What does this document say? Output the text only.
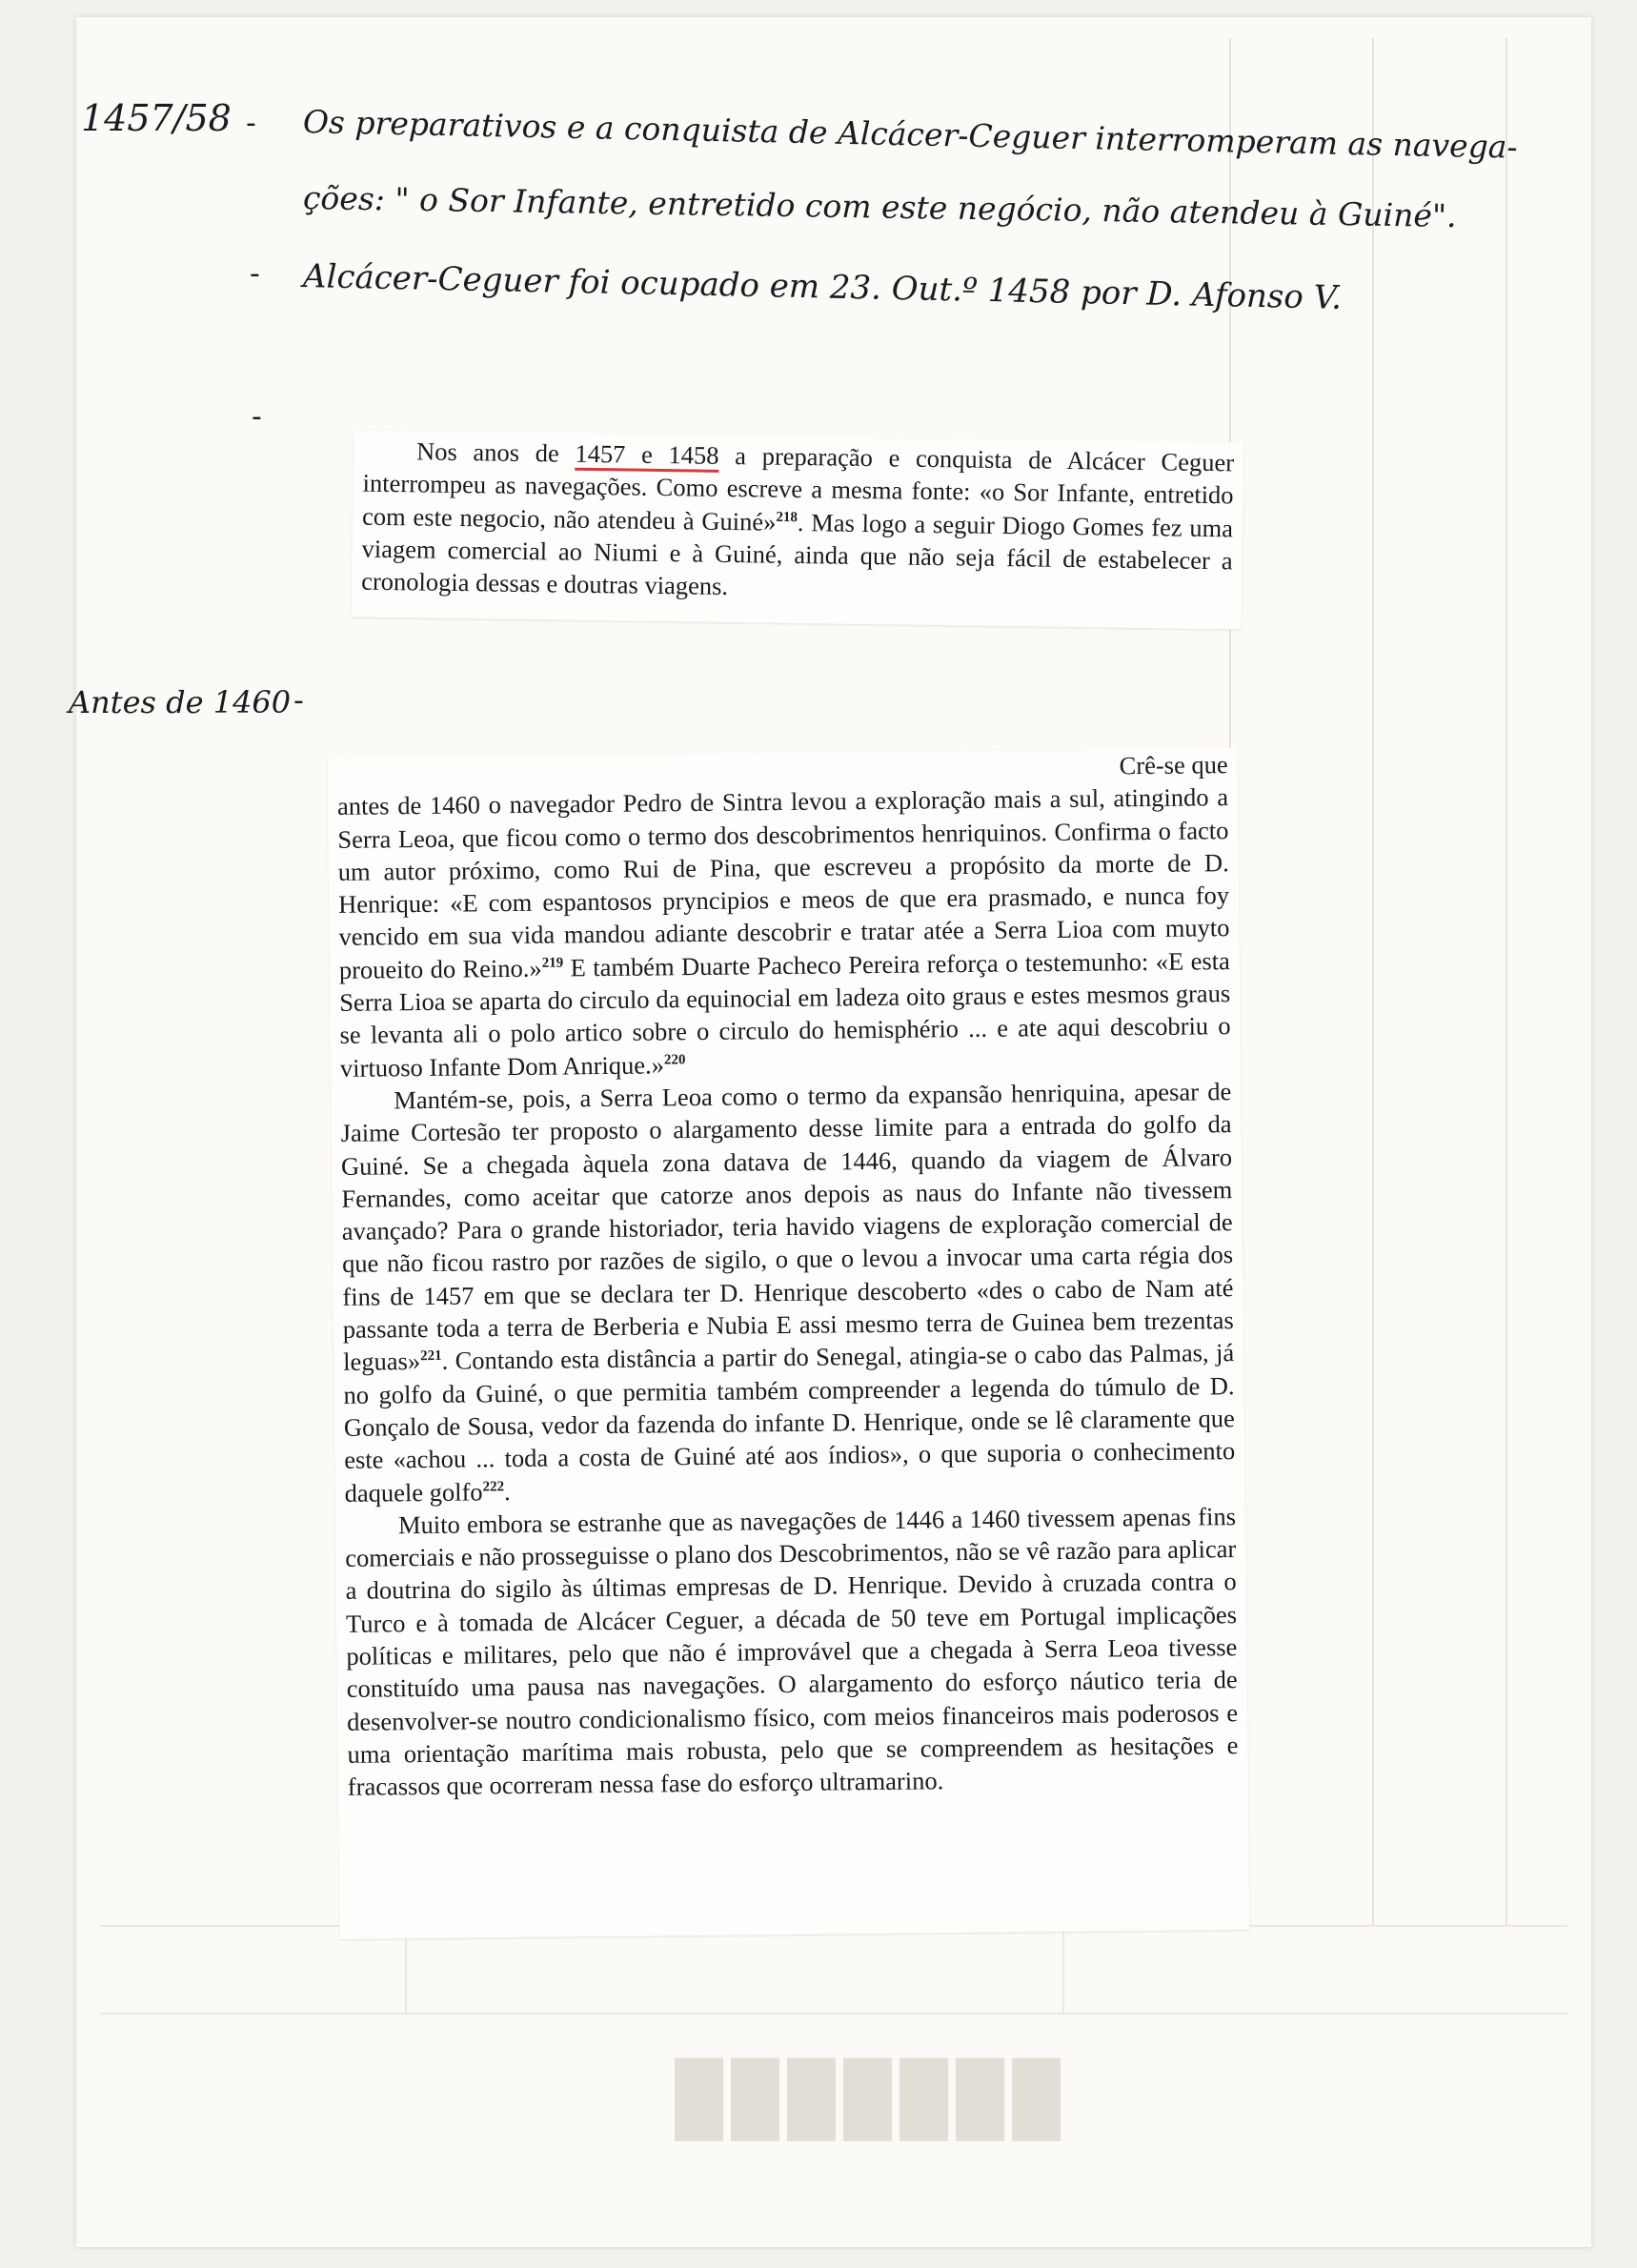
███████
1457/58 - Os preparativos e a conquista de Alcácer-Ceguer interromperam as navega-
ções: " o Sor Infante, entretido com este negócio, não atendeu à Guiné".
- Alcácer-Ceguer foi ocupado em 23. Out.º 1458 por D. Afonso V.
-
Antes de 1460 -

Nos anos de 1457 e 1458 a preparação e conquista de Alcácer Ceguer interrompeu as navegações. Como escreve a mesma fonte: «o Sor Infante, entretido com este negocio, não atendeu à Guiné»$^{218}$. Mas logo a seguir Diogo Gomes fez uma viagem comercial ao Niumi e à Guiné, ainda que não seja fácil de estabelecer a cronologia dessas e doutras viagens.

Crê-se que

antes de 1460 o navegador Pedro de Sintra levou a exploração mais a sul, atingindo a Serra Leoa, que ficou como o termo dos descobrimentos henriquinos. Confirma o facto um autor próximo, como Rui de Pina, que escreveu a propósito da morte de D. Henrique: «E com espantosos pryncipios e meos de que era prasmado, e nunca foy vencido em sua vida mandou adiante descobrir e tratar atée a Serra Lioa com muyto proueito do Reino.»$^{219}$ E também Duarte Pacheco Pereira reforça o testemunho: «E esta Serra Lioa se aparta do circulo da equinocial em ladeza oito graus e estes mesmos graus se levanta ali o polo artico sobre o circulo do hemisphério ... e ate aqui descobriu o virtuoso Infante Dom Anrique.»$^{220}$

Mantém-se, pois, a Serra Leoa como o termo da expansão henriquina, apesar de Jaime Cortesão ter proposto o alargamento desse limite para a entrada do golfo da Guiné. Se a chegada àquela zona datava de 1446, quando da viagem de Álvaro Fernandes, como aceitar que catorze anos depois as naus do Infante não tivessem avançado? Para o grande historiador, teria havido viagens de exploração comercial de que não ficou rastro por razões de sigilo, o que o levou a invocar uma carta régia dos fins de 1457 em que se declara ter D. Henrique descoberto «des o cabo de Nam até passante toda a terra de Berberia e Nubia E assi mesmo terra de Guinea bem trezentas leguas»$^{221}$. Contando esta distância a partir do Senegal, atingia-se o cabo das Palmas, já no golfo da Guiné, o que permitia também compreender a legenda do túmulo de D. Gonçalo de Sousa, vedor da fazenda do infante D. Henrique, onde se lê claramente que este «achou ... toda a costa de Guiné até aos índios», o que suporia o conhecimento daquele golfo$^{222}$.

Muito embora se estranhe que as navegações de 1446 a 1460 tivessem apenas fins comerciais e não prosseguisse o plano dos Descobrimentos, não se vê razão para aplicar a doutrina do sigilo às últimas empresas de D. Henrique. Devido à cruzada contra o Turco e à tomada de Alcácer Ceguer, a década de 50 teve em Portugal implicações políticas e militares, pelo que não é improvável que a chegada à Serra Leoa tivesse constituído uma pausa nas navegações. O alargamento do esforço náutico teria de desenvolver-se noutro condicionalismo físico, com meios financeiros mais poderosos e uma orientação marítima mais robusta, pelo que se compreendem as hesitações e fracassos que ocorreram nessa fase do esforço ultramarino.
